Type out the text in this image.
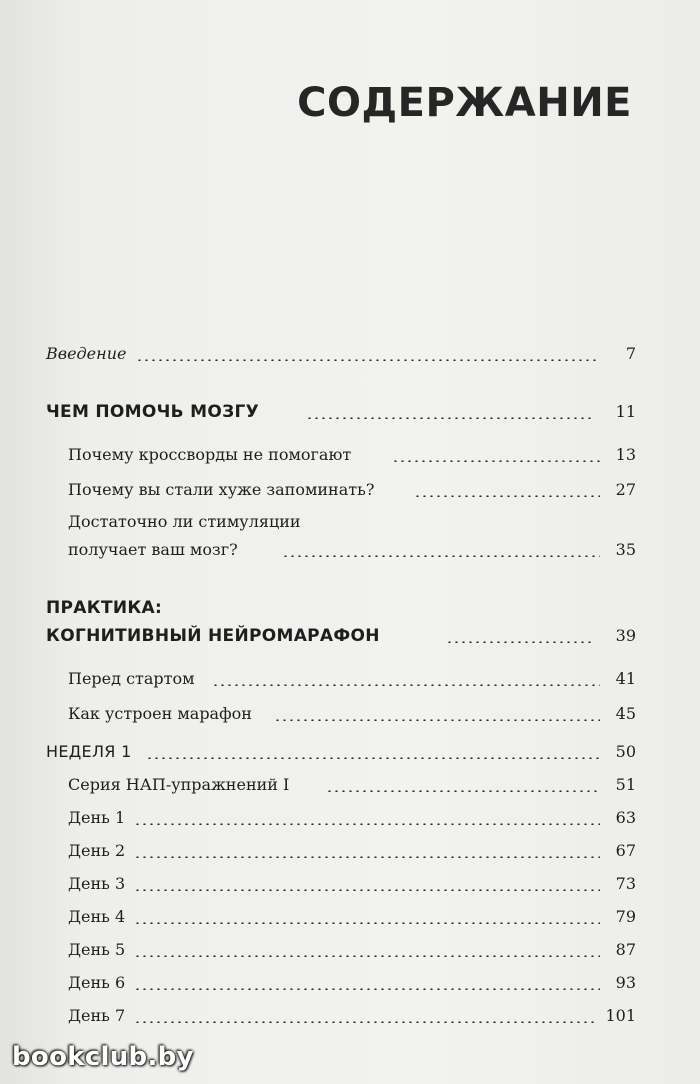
СОДЕРЖАНИЕ
Введение	7
ЧЕМ ПОМОЧЬ МОЗГУ	11
Почему кроссворды не помогают	13
Почему вы стали хуже запоминать?	27
Достаточно ли стимуляции
получает ваш мозг?	35
ПРАКТИКА:
КОГНИТИВНЫЙ НЕЙРОМАРАФОН	39
Перед стартом	41
Как устроен марафон	45
НЕДЕЛЯ 1	50
Серия НАП-упражнений I	51
День 1	63
День 2	67
День 3	73
День 4	79
День 5	87
День 6	93
День 7	101
bookclub.by
